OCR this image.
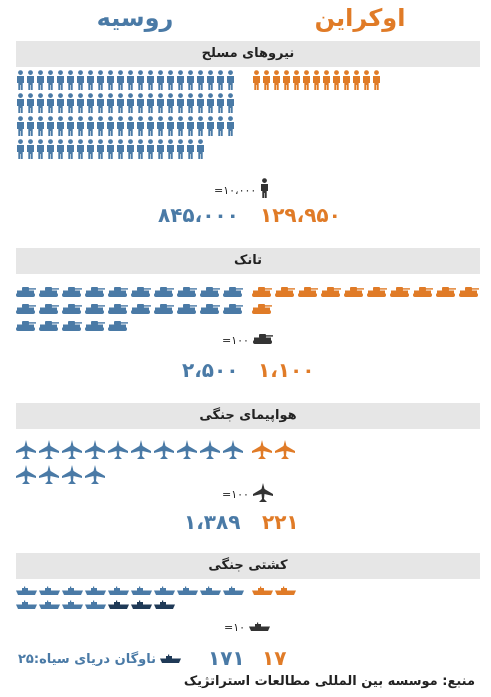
اوکراین
روسیه
نیروهای مسلح
=۱۰،۰۰۰
۸۴۵،۰۰۰ ۱۲۹،۹۵۰
تانک
=۱۰۰
۲،۵۰۰ ۱،۱۰۰
هواپیمای جنگی
=۱۰۰
۱،۳۸۹ ۲۲۱
کشتی جنگی
=۱۰
ناوگان دریای سیاه:۲۵	۱۷۱ ۱۷
منبع: موسسه بین المللی مطالعات استراتژیک
